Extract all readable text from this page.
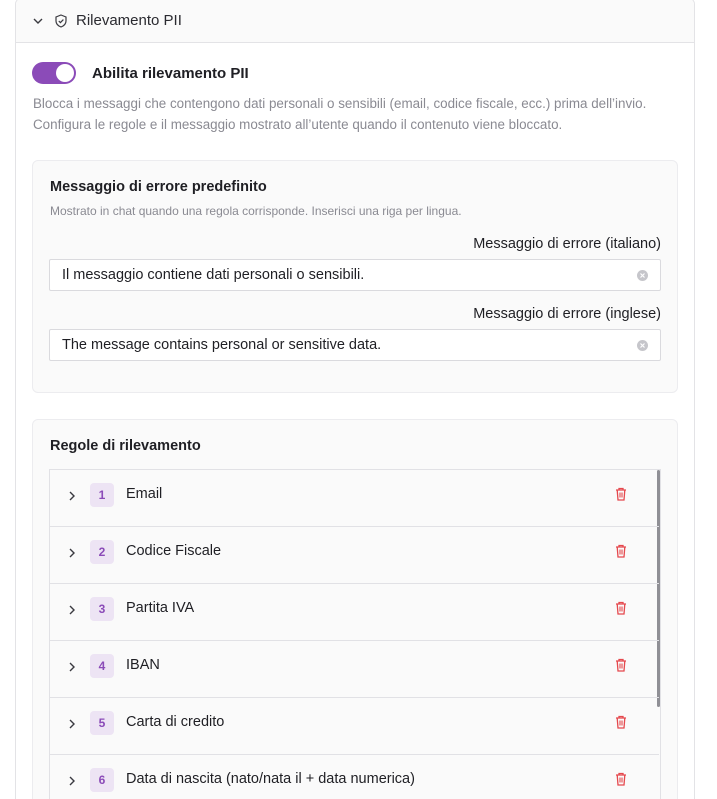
Rilevamento PII
Abilita rilevamento PII

Blocca i messaggi che contengono dati personali o sensibili (email, codice fiscale, ecc.) prima dell’invio. Configura le regole e il messaggio mostrato all’utente quando il contenuto viene bloccato.

Messaggio di errore predefinito
Mostrato in chat quando una regola corrisponde. Inserisci una riga per lingua.
Messaggio di errore (italiano)
Il messaggio contiene dati personali o sensibili.
Messaggio di errore (inglese)
The message contains personal or sensitive data.
Regole di rilevamento
1	Email
2	Codice Fiscale
3	Partita IVA
4	IBAN
5	Carta di credito
6	Data di nascita (nato/nata il + data numerica)
